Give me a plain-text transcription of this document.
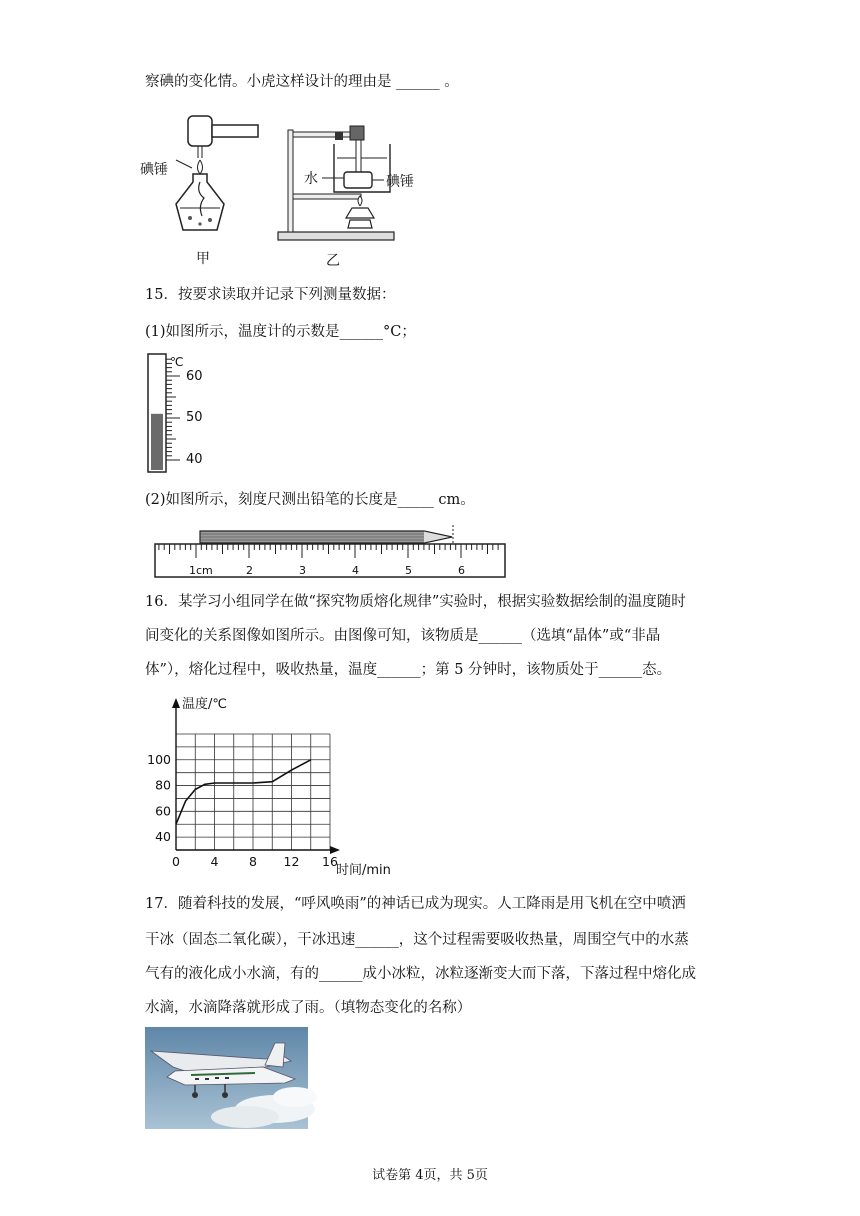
察碘的变化情。小虎这样设计的理由是 ______ 。
碘锤
甲
水	碘锤
乙
15．按要求读取并记录下列测量数据：
(1)如图所示，温度计的示数是______°C；
℃
60
50
40
(2)如图所示，刻度尺测出铅笔的长度是_____ cm。
1cm	2	3	4	5	6
16．某学习小组同学在做“探究物质熔化规律”实验时，根据实验数据绘制的温度随时
间变化的关系图像如图所示。由图像可知，该物质是______（选填“晶体”或“非晶
体”），熔化过程中，吸收热量，温度______；第 5 分钟时，该物质处于______态。
0 4 8 12 16
40
60
80
100
温度/℃
时间/min
17．随着科技的发展，“呼风唤雨”的神话已成为现实。人工降雨是用飞机在空中喷洒
干冰（固态二氧化碳），干冰迅速______，这个过程需要吸收热量，周围空气中的水蒸
气有的液化成小水滴，有的______成小冰粒，冰粒逐渐变大而下落，下落过程中熔化成
水滴，水滴降落就形成了雨。（填物态变化的名称）
试卷第 4页，共 5页
